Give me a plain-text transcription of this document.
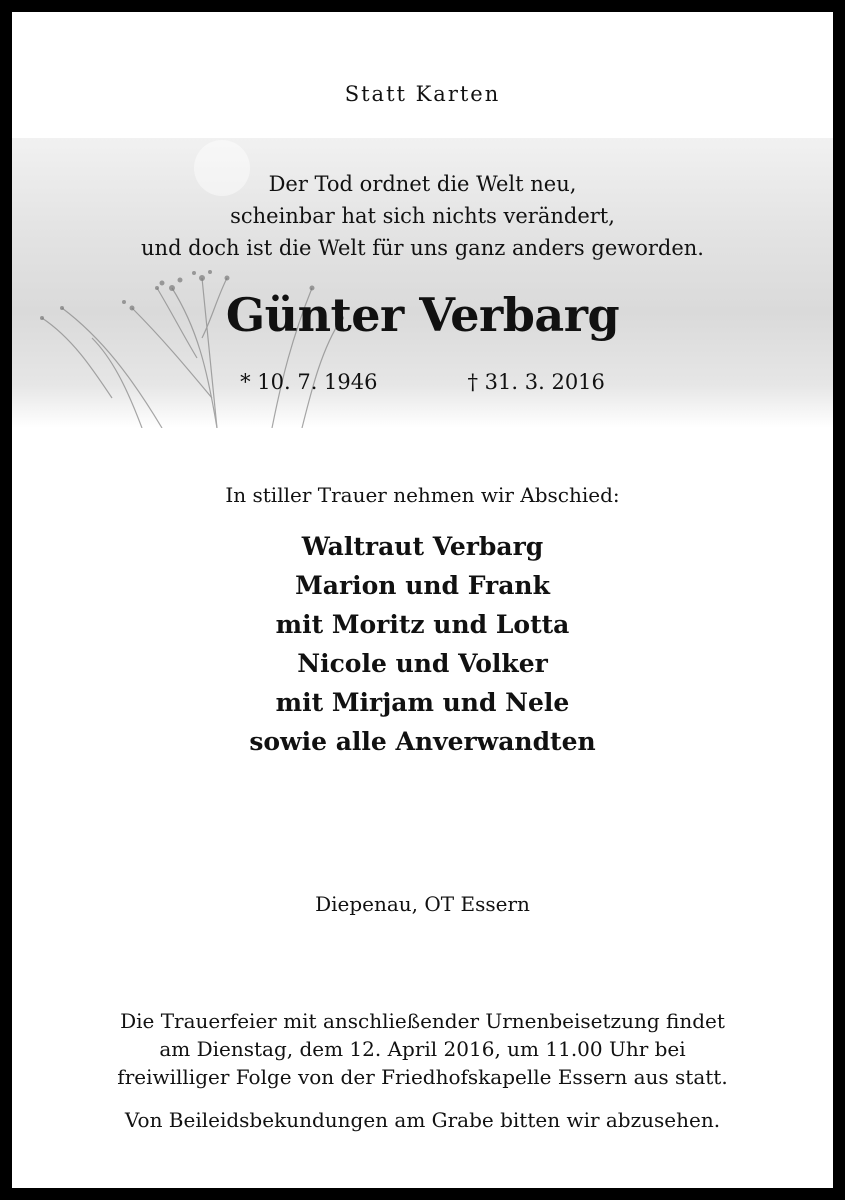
Statt Karten
Der Tod ordnet die Welt neu,
scheinbar hat sich nichts verändert,
und doch ist die Welt für uns ganz anders geworden.
Günter Verbarg
* 10. 7. 1946	† 31. 3. 2016
In stiller Trauer nehmen wir Abschied:
Waltraut Verbarg
Marion und Frank
mit Moritz und Lotta
Nicole und Volker
mit Mirjam und Nele
sowie alle Anverwandten
Diepenau, OT Essern
Die Trauerfeier mit anschließender Urnenbeisetzung findet
am Dienstag, dem 12. April 2016, um 11.00 Uhr bei
freiwilliger Folge von der Friedhofskapelle Essern aus statt.
Von Beileidsbekundungen am Grabe bitten wir abzusehen.
